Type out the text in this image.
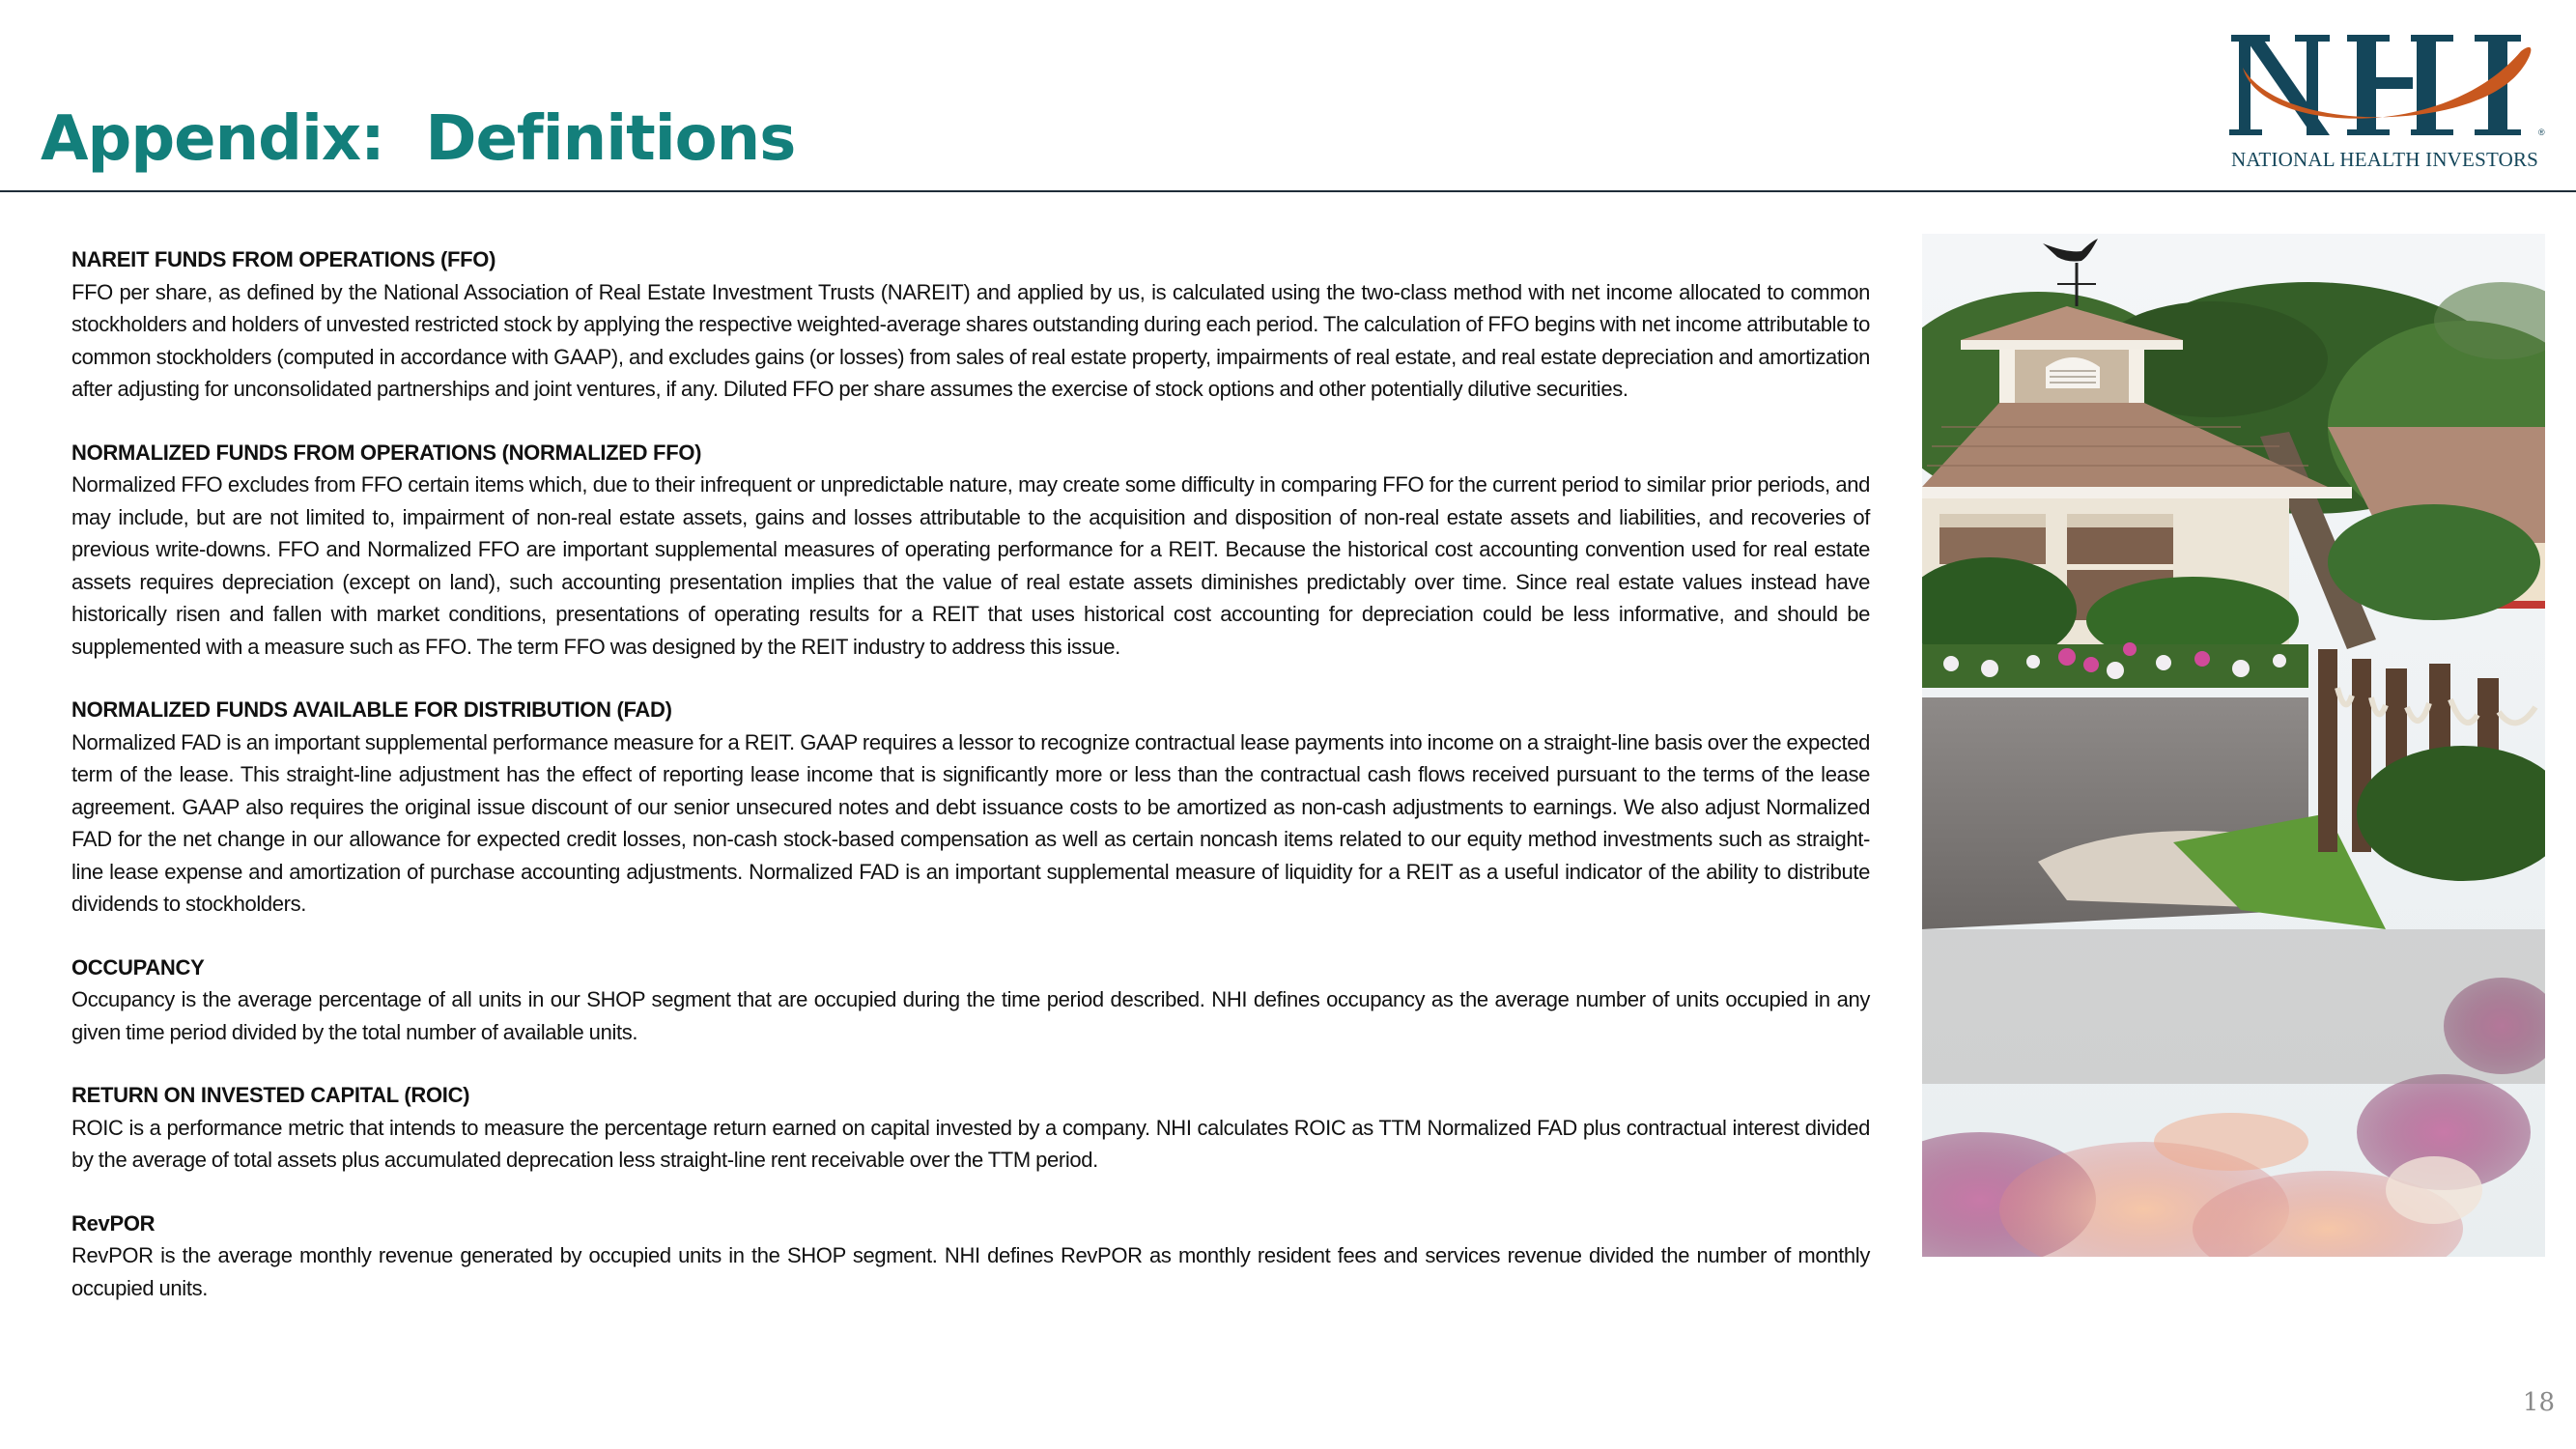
Appendix:  Definitions	®
NATIONAL HEALTH INVESTORS

NAREIT FUNDS FROM OPERATIONS (FFO)

FFO per share, as defined by the National Association of Real Estate Investment Trusts (NAREIT) and applied by us, is calculated using the two-class method with net income allocated to common stockholders and holders of unvested restricted stock by applying the respective weighted-average shares outstanding during each period. The calculation of FFO begins with net income attributable to common stockholders (computed in accordance with GAAP), and excludes gains (or losses) from sales of real estate property, impairments of real estate, and real estate depreciation and amortization after adjusting for unconsolidated partnerships and joint ventures, if any. Diluted FFO per share assumes the exercise of stock options and other potentially dilutive securities.

NORMALIZED FUNDS FROM OPERATIONS (NORMALIZED FFO)

Normalized FFO excludes from FFO certain items which, due to their infrequent or unpredictable nature, may create some difficulty in comparing FFO for the current period to similar prior periods, and may include, but are not limited to, impairment of non-real estate assets, gains and losses attributable to the acquisition and disposition of non-real estate assets and liabilities, and recoveries of previous write-downs. FFO and Normalized FFO are important supplemental measures of operating performance for a REIT. Because the historical cost accounting convention used for real estate assets requires depreciation (except on land), such accounting presentation implies that the value of real estate assets diminishes predictably over time. Since real estate values instead have historically risen and fallen with market conditions, presentations of operating results for a REIT that uses historical cost accounting for depreciation could be less informative, and should be supplemented with a measure such as FFO. The term FFO was designed by the REIT industry to address this issue.

NORMALIZED FUNDS AVAILABLE FOR DISTRIBUTION (FAD)

Normalized FAD is an important supplemental performance measure for a REIT. GAAP requires a lessor to recognize contractual lease payments into income on a straight-line basis over the expected term of the lease. This straight-line adjustment has the effect of reporting lease income that is significantly more or less than the contractual cash flows received pursuant to the terms of the lease agreement. GAAP also requires the original issue discount of our senior unsecured notes and debt issuance costs to be amortized as non-cash adjustments to earnings. We also adjust Normalized FAD for the net change in our allowance for expected credit losses, non-cash stock-based compensation as well as certain noncash items related to our equity method investments such as straight-line lease expense and amortization of purchase accounting adjustments. Normalized FAD is an important supplemental measure of liquidity for a REIT as a useful indicator of the ability to distribute dividends to stockholders.

OCCUPANCY

Occupancy is the average percentage of all units in our SHOP segment that are occupied during the time period described. NHI defines occupancy as the average number of units occupied in any given time period divided by the total number of available units.

RETURN ON INVESTED CAPITAL (ROIC)

ROIC is a performance metric that intends to measure the percentage return earned on capital invested by a company. NHI calculates ROIC as TTM Normalized FAD plus contractual interest divided by the average of total assets plus accumulated deprecation less straight-line rent receivable over the TTM period.

RevPOR

RevPOR is the average monthly revenue generated by occupied units in the SHOP segment. NHI defines RevPOR as monthly resident fees and services revenue divided the number of monthly occupied units.

18
